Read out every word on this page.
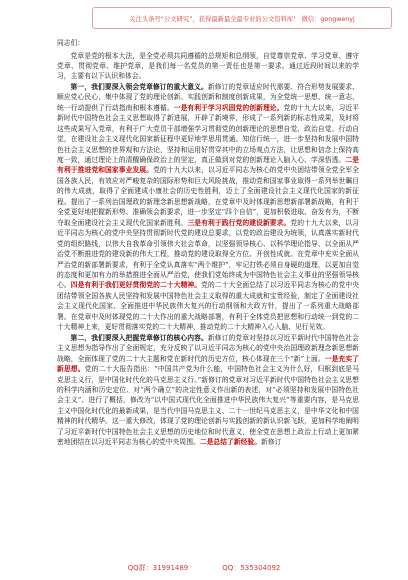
关注头条号“公文研究”，获得最新最全最专业的公文资料库！ 微信：gongwenyj

同志们：

党章是党的根本大法，是全党必须共同遵循的总规矩和总纲领，自觉尊崇党章、学习党章、遵守党章、贯彻党章、维护党章，是我们每一名党员的第一责任也是第一要求。通过近段时间以来的学习，主要有以下认识和体会。

第一，我们要深入领会党章修订的重大意义。新修订的党章适应时代需要、符合形势发展要求、顺应党心民心，集中体现了党的理论创新、实践创新和制度创新成果，为全党统一思想、统一意志、统一行动提供了行动指南和根本遵循。一是有利于学习巩固党的创新理论。党的十九大以来，习近平新时代中国特色社会主义思想取得了新进展，开辟了新境界，形成了一系列新的标志性成果，及时将这些成果写入党章，有利于广大党员干部增强学习贯彻党的创新理论的思想自觉、政治自觉、行动自觉，在建设社会主义现代化国家新征程中更好地学思用贯通、知信行统一，进一步坚持和发展中国特色社会主义思想的世界观和方法论，坚持和运用好贯穿其中的立场观点方法，让思想和信念上保持高度一致，通过理论上的清醒确保政治上的坚定，真正做到对党的创新理论入脑入心、学深悟透。二是有利于推进党和国家事业发展。党的十九大以来，以习近平同志为核心的党中央团结带领全党全军全国各族人民，有效应对严峻复杂的国际形势和巨大风险挑战，推动党和国家事业取得一系列举世瞩目的伟大成就，取得了全面建成小康社会的历史性胜利，迈上了全面建设社会主义现代化国家的新征程。提出了一系列治国理政的新理念新思想新战略，在党章中及时体现新思想新部署新战略，有利于全党更好地把握新形势、准确领会新要求，进一步坚定“四个自信”，更加积极进取、奋发有为，不断夺取全面建设社会主义现代化国家新胜利。三是有利于践行党的建设新要求。党的十九大以来，以习近平同志为核心的党中央坚持贯彻新时代党的建设总要求，以党的政治建设为统领，认真落实新时代党的组织路线，以伟大自我革命引领伟大社会革命，以坚强领导核心、以科学理论指导、以全面从严治党不断推进党的建设新的伟大工程，推动党的建设取得全方位、开创性成就。在党章中充实全面从严治党的新部署新要求，有利于全党认真落实“两个维护”，牢记打铁必须自身硬的道理，以更加自觉的态度和更加有力的举措推进全面从严治党，使我们党始终成为中国特色社会主义事业的坚强领导核心。四是有利于我们更好贯彻党的二十大精神。党的二十大全面总结了以习近平同志为核心的党中央团结带领全国各族人民坚持和发展中国特色社会主义取得的重大成就和宝贵经验，制定了全面建设社会主义现代化国家、全面推进中华民族伟大复兴的行动纲领和大政方针，提出了一系列重大战略部署。在党章中及时体现党的二十大作出的重大战略部署，有利于全体党员把思想和行动统一到党的二十大精神上来，更好贯彻落实党的二十大精神，推动党的二十大精神入心入脑、见行见效。

第二，我们要深入把握党章修订的核心内容。新修订的党章对坚持以习近平新时代中国特色社会主义思想为指导作出了全面规定，充分反映了以习近平同志为核心的党中央治国理政新理念新思想新战略，全面体现了党的二十大主题和党在新时代的历史方位，核心体现在三个“新”上面。一是充实了新思想。党的二十大报告指出：“中国共产党为什么能，中国特色社会主义为什么好，归根到底是马克思主义行，是中国化时代化的马克思主义行。”新修订的党章对习近平新时代中国特色社会主义思想的科学内涵和历史定位、对“两个确立”的决定性意义作出新的表述，对“必须坚持和发展中国特色社会主义”、进行了概括，修改为“以中国式现代化全面推进中华民族伟大复兴”等重要内容，是马克思主义中国化时代化的最新成果，是当代中国马克思主义、二十一世纪马克思主义，是中华文化和中国精神的时代精华。这一重大修改，体现了党的理论创新与实践创新的新认识新飞跃，更加科学地阐明了习近平新时代中国特色社会主义思想的历史地位和时代意义，使全党在思想上政治上行动上更加紧密地团结在以习近平同志为核心的党中央周围。二是总结了新经验。新修订

QQ群：31991489	QQ：535304092
